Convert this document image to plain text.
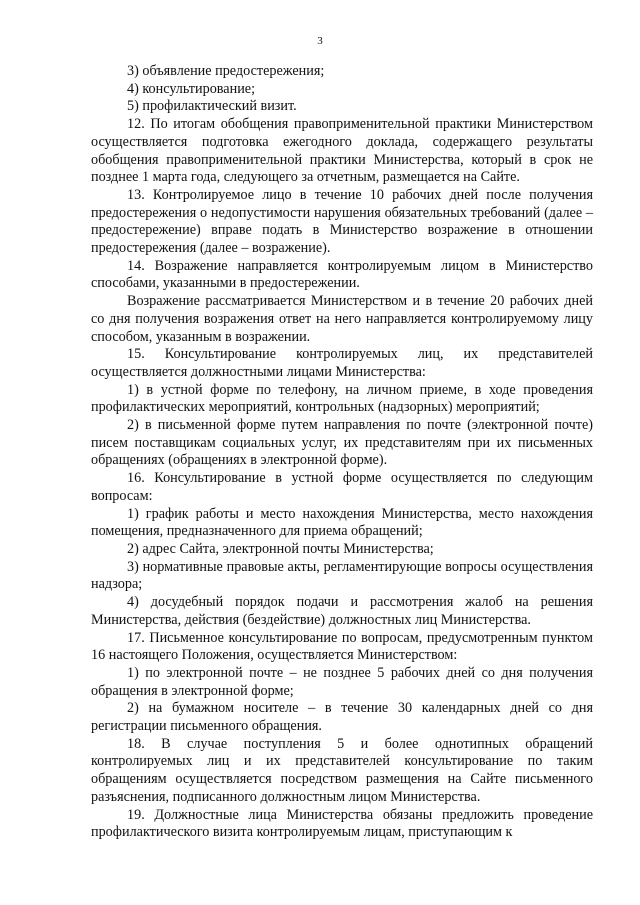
3

3) объявление предостережения;

4) консультирование;

5) профилактический визит.

12. По итогам обобщения правоприменительной практики Министерством осуществляется подготовка ежегодного доклада, содержащего результаты обобщения правоприменительной практики Министерства, который в срок не позднее 1 марта года, следующего за отчетным, размещается на Сайте.

13. Контролируемое лицо в течение 10 рабочих дней после получения предостережения о недопустимости нарушения обязательных требований (далее – предостережение) вправе подать в Министерство возражение в отношении предостережения (далее – возражение).

14. Возражение направляется контролируемым лицом в Министерство способами, указанными в предостережении.

Возражение рассматривается Министерством и в течение 20 рабочих дней со дня получения возражения ответ на него направляется контролируемому лицу способом, указанным в возражении.

15. Консультирование контролируемых лиц, их представителей осуществляется должностными лицами Министерства:

1) в устной форме по телефону, на личном приеме, в ходе проведения профилактических мероприятий, контрольных (надзорных) мероприятий;

2) в письменной форме путем направления по почте (электронной почте) писем поставщикам социальных услуг, их представителям при их письменных обращениях (обращениях в электронной форме).

16. Консультирование в устной форме осуществляется по следующим вопросам:

1) график работы и место нахождения Министерства, место нахождения помещения, предназначенного для приема обращений;

2) адрес Сайта, электронной почты Министерства;

3) нормативные правовые акты, регламентирующие вопросы осуществления надзора;

4) досудебный порядок подачи и рассмотрения жалоб на решения Министерства, действия (бездействие) должностных лиц Министерства.

17. Письменное консультирование по вопросам, предусмотренным пунктом 16 настоящего Положения, осуществляется Министерством:

1) по электронной почте – не позднее 5 рабочих дней со дня получения обращения в электронной форме;

2) на бумажном носителе – в течение 30 календарных дней со дня регистрации письменного обращения.

18. В случае поступления 5 и более однотипных обращений контролируемых лиц и их представителей консультирование по таким обращениям осуществляется посредством размещения на Сайте письменного разъяснения, подписанного должностным лицом Министерства.

19. Должностные лица Министерства обязаны предложить проведение профилактического визита контролируемым лицам, приступающим к
